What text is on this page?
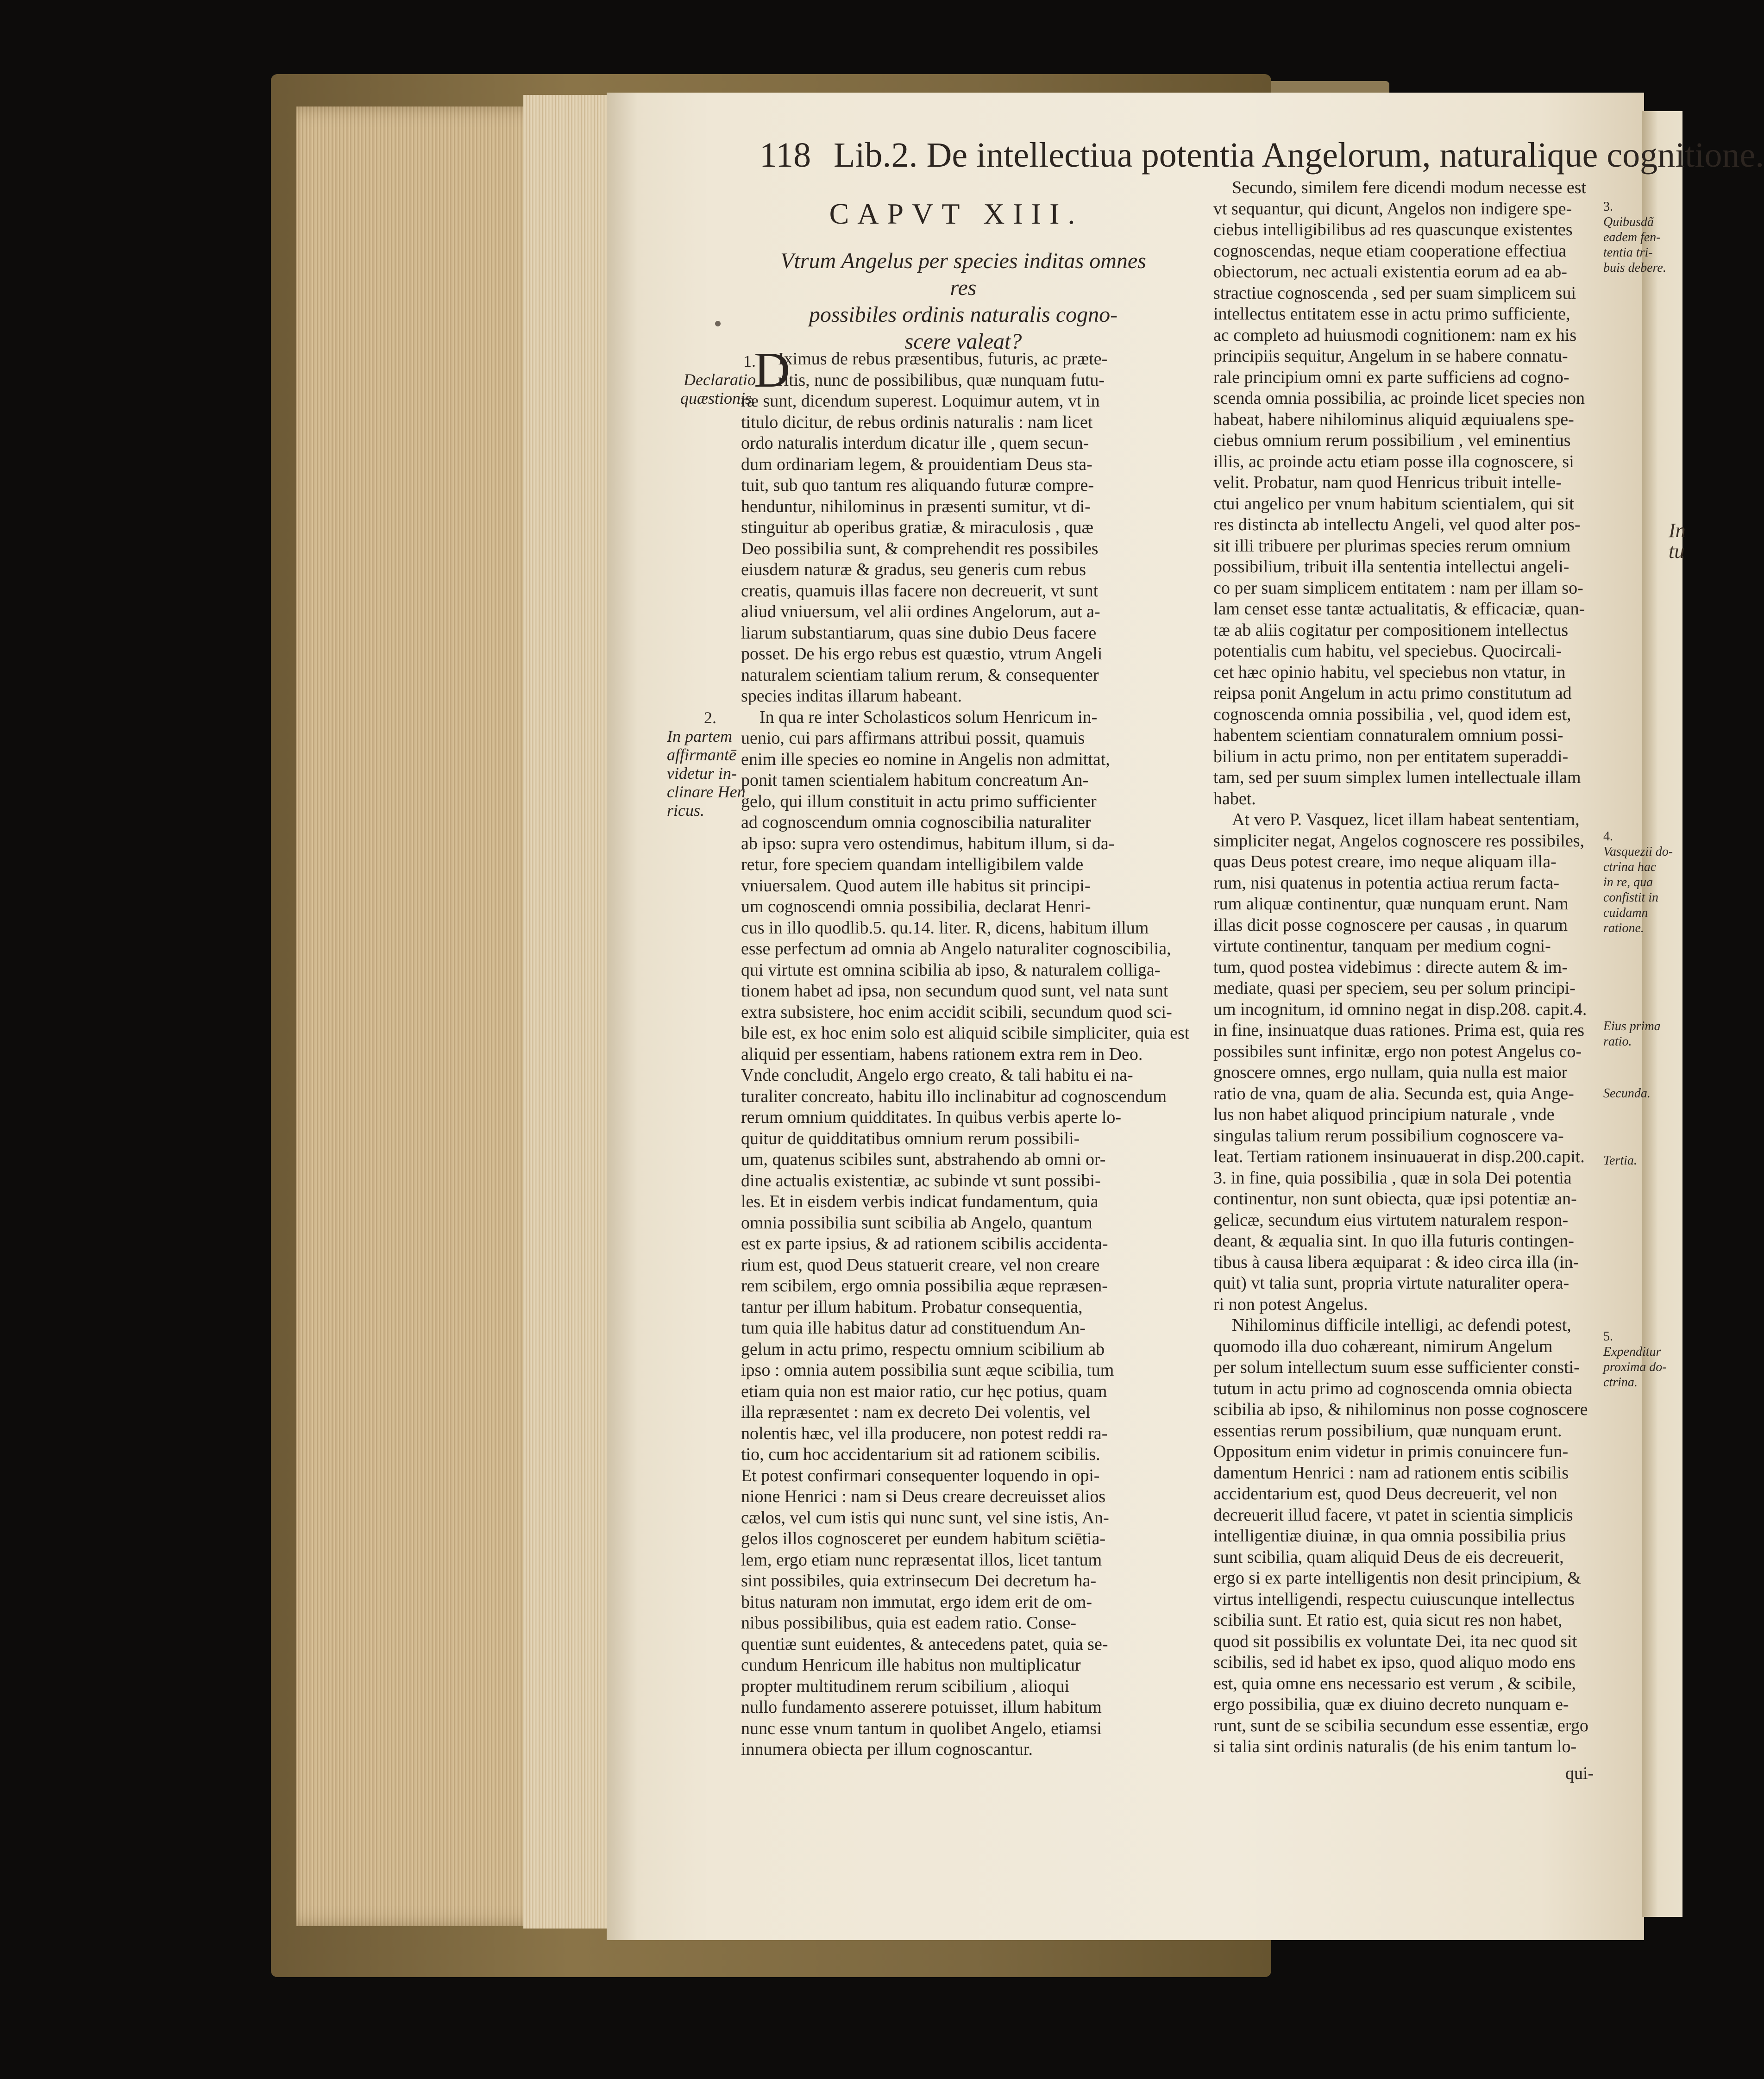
In
tu
118 Lib.2. De intellectiua potentia Angelorum, naturalique cognitione.
CAPVT XIII.
Vtrum Angelus per species inditas omnes res
possibiles ordinis naturalis cogno-
scere valeat?
1.
Declaratio
quæstionis.
2.
In partem
affirmantē
videtur in-
clinare Hen
ricus.
3.
Quibusdã
eadem fen-
tentia tri-
buis debere.
4.
Vasquezii do-
ctrina hac
in re, qua
confistit in
cuidamn
ratione.
Eius prima
ratio.
Secunda.
Tertia.
5.
Expenditur
proxima do-
ctrina.
D
Iximus de rebus præsentibus, futuris, ac præte-
ritis, nunc de possibilibus, quæ nunquam futu-
ræ sunt, dicendum superest. Loquimur autem, vt in
titulo dicitur, de rebus ordinis naturalis : nam licet
ordo naturalis interdum dicatur ille , quem secun-
dum ordinariam legem, & prouidentiam Deus sta-
tuit, sub quo tantum res aliquando futuræ compre-
henduntur, nihilominus in præsenti sumitur, vt di-
stinguitur ab operibus gratiæ, & miraculosis , quæ
Deo possibilia sunt, & comprehendit res possibiles
eiusdem naturæ & gradus, seu generis cum rebus
creatis, quamuis illas facere non decreuerit, vt sunt
aliud vniuersum, vel alii ordines Angelorum, aut a-
liarum substantiarum, quas sine dubio Deus facere
posset. De his ergo rebus est quæstio, vtrum Angeli
naturalem scientiam talium rerum, & consequenter
species inditas illarum habeant.
In qua re inter Scholasticos solum Henricum in-
uenio, cui pars affirmans attribui possit, quamuis
enim ille species eo nomine in Angelis non admittat,
ponit tamen scientialem habitum concreatum An-
gelo, qui illum constituit in actu primo sufficienter
ad cognoscendum omnia cognoscibilia naturaliter
ab ipso: supra vero ostendimus, habitum illum, si da-
retur, fore speciem quandam intelligibilem valde
vniuersalem. Quod autem ille habitus sit principi-
um cognoscendi omnia possibilia, declarat Henri-
cus in illo quodlib.5. qu.14. liter. R, dicens, habitum illum
esse perfectum ad omnia ab Angelo naturaliter cognoscibilia,
qui virtute est omnina scibilia ab ipso, & naturalem colliga-
tionem habet ad ipsa, non secundum quod sunt, vel nata sunt
extra subsistere, hoc enim accidit scibili, secundum quod sci-
bile est, ex hoc enim solo est aliquid scibile simpliciter, quia est
aliquid per essentiam, habens rationem extra rem in Deo.
Vnde concludit, Angelo ergo creato, & tali habitu ei na-
turaliter concreato, habitu illo inclinabitur ad cognoscendum
rerum omnium quidditates. In quibus verbis aperte lo-
quitur de quidditatibus omnium rerum possibili-
um, quatenus scibiles sunt, abstrahendo ab omni or-
dine actualis existentiæ, ac subinde vt sunt possibi-
les. Et in eisdem verbis indicat fundamentum, quia
omnia possibilia sunt scibilia ab Angelo, quantum
est ex parte ipsius, & ad rationem scibilis accidenta-
rium est, quod Deus statuerit creare, vel non creare
rem scibilem, ergo omnia possibilia æque repræsen-
tantur per illum habitum. Probatur consequentia,
tum quia ille habitus datur ad constituendum An-
gelum in actu primo, respectu omnium scibilium ab
ipso : omnia autem possibilia sunt æque scibilia, tum
etiam quia non est maior ratio, cur hęc potius, quam
illa repræsentet : nam ex decreto Dei volentis, vel
nolentis hæc, vel illa producere, non potest reddi ra-
tio, cum hoc accidentarium sit ad rationem scibilis.
Et potest confirmari consequenter loquendo in opi-
nione Henrici : nam si Deus creare decreuisset alios
cælos, vel cum istis qui nunc sunt, vel sine istis, An-
gelos illos cognosceret per eundem habitum sciētia-
lem, ergo etiam nunc repræsentat illos, licet tantum
sint possibiles, quia extrinsecum Dei decretum ha-
bitus naturam non immutat, ergo idem erit de om-
nibus possibilibus, quia est eadem ratio. Conse-
quentiæ sunt euidentes, & antecedens patet, quia se-
cundum Henricum ille habitus non multiplicatur
propter multitudinem rerum scibilium , alioqui
nullo fundamento asserere potuisset, illum habitum
nunc esse vnum tantum in quolibet Angelo, etiamsi
innumera obiecta per illum cognoscantur.
Secundo, similem fere dicendi modum necesse est
vt sequantur, qui dicunt, Angelos non indigere spe-
ciebus intelligibilibus ad res quascunque existentes
cognoscendas, neque etiam cooperatione effectiua
obiectorum, nec actuali existentia eorum ad ea ab-
stractiue cognoscenda , sed per suam simplicem sui
intellectus entitatem esse in actu primo sufficiente,
ac completo ad huiusmodi cognitionem: nam ex his
principiis sequitur, Angelum in se habere connatu-
rale principium omni ex parte sufficiens ad cogno-
scenda omnia possibilia, ac proinde licet species non
habeat, habere nihilominus aliquid æquiualens spe-
ciebus omnium rerum possibilium , vel eminentius
illis, ac proinde actu etiam posse illa cognoscere, si
velit. Probatur, nam quod Henricus tribuit intelle-
ctui angelico per vnum habitum scientialem, qui sit
res distincta ab intellectu Angeli, vel quod alter pos-
sit illi tribuere per plurimas species rerum omnium
possibilium, tribuit illa sententia intellectui angeli-
co per suam simplicem entitatem : nam per illam so-
lam censet esse tantæ actualitatis, & efficaciæ, quan-
tæ ab aliis cogitatur per compositionem intellectus
potentialis cum habitu, vel speciebus. Quocircali-
cet hæc opinio habitu, vel speciebus non vtatur, in
reipsa ponit Angelum in actu primo constitutum ad
cognoscenda omnia possibilia , vel, quod idem est,
habentem scientiam connaturalem omnium possi-
bilium in actu primo, non per entitatem superaddi-
tam, sed per suum simplex lumen intellectuale illam
habet.
At vero P. Vasquez, licet illam habeat sententiam,
simpliciter negat, Angelos cognoscere res possibiles,
quas Deus potest creare, imo neque aliquam illa-
rum, nisi quatenus in potentia actiua rerum facta-
rum aliquæ continentur, quæ nunquam erunt. Nam
illas dicit posse cognoscere per causas , in quarum
virtute continentur, tanquam per medium cogni-
tum, quod postea videbimus : directe autem & im-
mediate, quasi per speciem, seu per solum principi-
um incognitum, id omnino negat in disp.208. capit.4.
in fine, insinuatque duas rationes. Prima est, quia res
possibiles sunt infinitæ, ergo non potest Angelus co-
gnoscere omnes, ergo nullam, quia nulla est maior
ratio de vna, quam de alia. Secunda est, quia Ange-
lus non habet aliquod principium naturale , vnde
singulas talium rerum possibilium cognoscere va-
leat. Tertiam rationem insinuauerat in disp.200.capit.
3. in fine, quia possibilia , quæ in sola Dei potentia
continentur, non sunt obiecta, quæ ipsi potentiæ an-
gelicæ, secundum eius virtutem naturalem respon-
deant, & æqualia sint. In quo illa futuris contingen-
tibus à causa libera æquiparat : & ideo circa illa (in-
quit) vt talia sunt, propria virtute naturaliter opera-
ri non potest Angelus.
Nihilominus difficile intelligi, ac defendi potest,
quomodo illa duo cohæreant, nimirum Angelum
per solum intellectum suum esse sufficienter consti-
tutum in actu primo ad cognoscenda omnia obiecta
scibilia ab ipso, & nihilominus non posse cognoscere
essentias rerum possibilium, quæ nunquam erunt.
Oppositum enim videtur in primis conuincere fun-
damentum Henrici : nam ad rationem entis scibilis
accidentarium est, quod Deus decreuerit, vel non
decreuerit illud facere, vt patet in scientia simplicis
intelligentiæ diuinæ, in qua omnia possibilia prius
sunt scibilia, quam aliquid Deus de eis decreuerit,
ergo si ex parte intelligentis non desit principium, &
virtus intelligendi, respectu cuiuscunque intellectus
scibilia sunt. Et ratio est, quia sicut res non habet,
quod sit possibilis ex voluntate Dei, ita nec quod sit
scibilis, sed id habet ex ipso, quod aliquo modo ens
est, quia omne ens necessario est verum , & scibile,
ergo possibilia, quæ ex diuino decreto nunquam e-
runt, sunt de se scibilia secundum esse essentiæ, ergo
si talia sint ordinis naturalis (de his enim tantum lo-
qui-
